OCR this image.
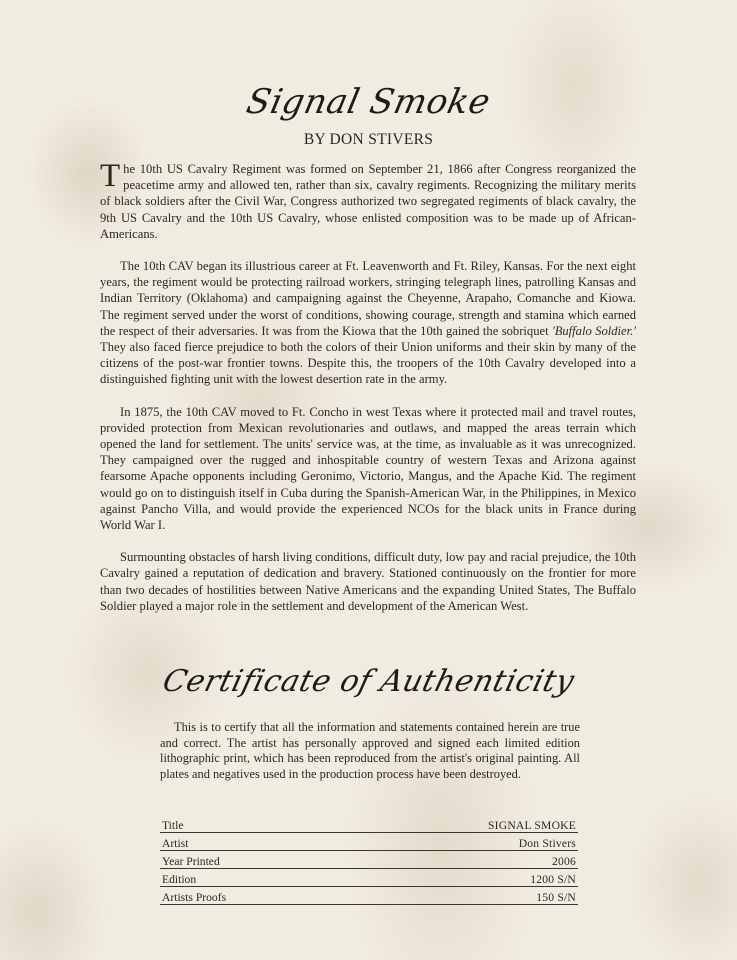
Signal Smoke
BY DON STIVERS

The 10th US Cavalry Regiment was formed on September 21, 1866 after Congress reorganized the peacetime army and allowed ten, rather than six, cavalry regiments. Recognizing the military merits of black soldiers after the Civil War, Congress authorized two segregated regiments of black cavalry, the 9th US Cavalry and the 10th US Cavalry, whose enlisted composition was to be made up of African-Americans.

The 10th CAV began its illustrious career at Ft. Leavenworth and Ft. Riley, Kansas. For the next eight years, the regiment would be protecting railroad workers, stringing telegraph lines, patrolling Kansas and Indian Territory (Oklahoma) and campaigning against the Cheyenne, Arapaho, Comanche and Kiowa. The regiment served under the worst of conditions, showing courage, strength and stamina which earned the respect of their adversaries. It was from the Kiowa that the 10th gained the sobriquet 'Buffalo Soldier.' They also faced fierce prejudice to both the colors of their Union uniforms and their skin by many of the citizens of the post-war frontier towns. Despite this, the troopers of the 10th Cavalry developed into a distinguished fighting unit with the lowest desertion rate in the army.

In 1875, the 10th CAV moved to Ft. Concho in west Texas where it protected mail and travel routes, provided protection from Mexican revolutionaries and outlaws, and mapped the areas terrain which opened the land for settlement. The units' service was, at the time, as invaluable as it was unrecognized. They campaigned over the rugged and inhospitable country of western Texas and Arizona against fearsome Apache opponents including Geronimo, Victorio, Mangus, and the Apache Kid. The regiment would go on to distinguish itself in Cuba during the Spanish-American War, in the Philippines, in Mexico against Pancho Villa, and would provide the experienced NCOs for the black units in France during World War I.

Surmounting obstacles of harsh living conditions, difficult duty, low pay and racial prejudice, the 10th Cavalry gained a reputation of dedication and bravery. Stationed continuously on the frontier for more than two decades of hostilities between Native Americans and the expanding United States, The Buffalo Soldier played a major role in the settlement and development of the American West.

Certificate of Authenticity
This is to certify that all the information and statements contained herein are true and correct. The artist has personally approved and signed each limited edition lithographic print, which has been reproduced from the artist's original painting. All plates and negatives used in the production process have been destroyed.
Title	SIGNAL SMOKE
Artist	Don Stivers
Year Printed	2006
Edition	1200 S/N
Artists Proofs	150 S/N
